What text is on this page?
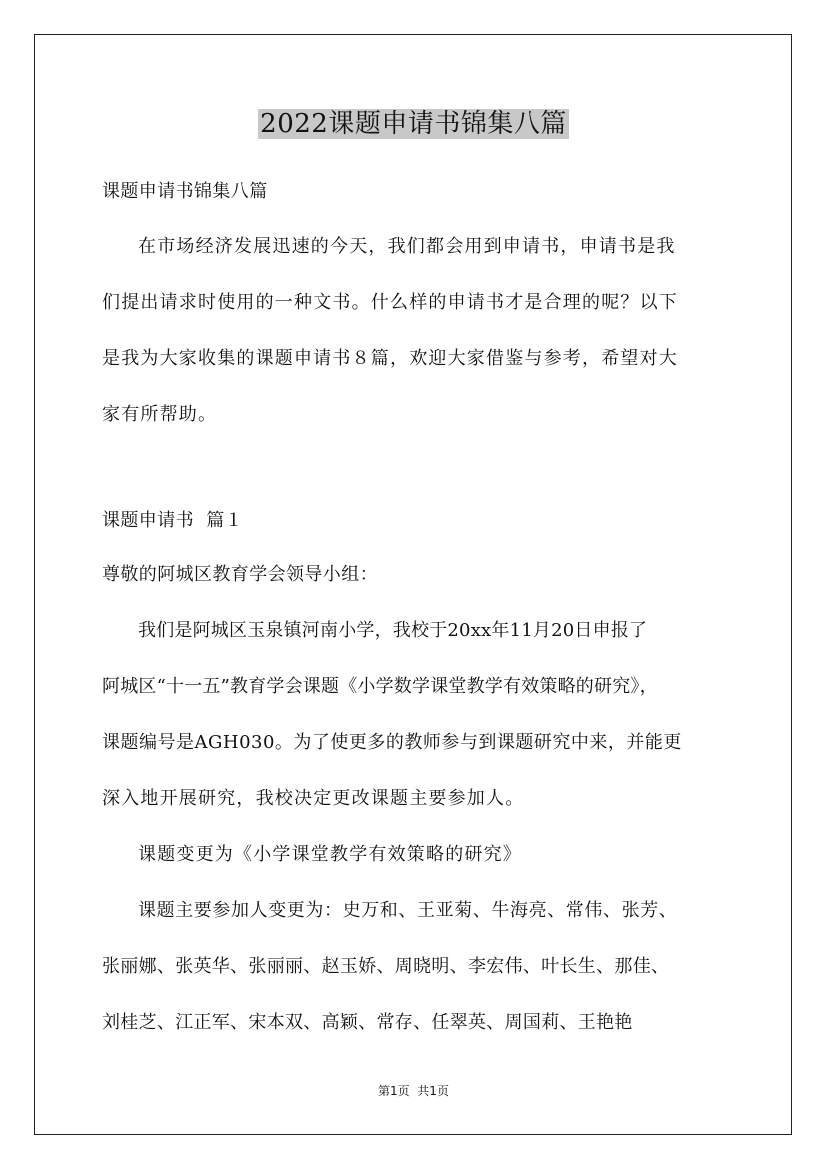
2022课题申请书锦集八篇
课题申请书锦集八篇
在市场经济发展迅速的今天，我们都会用到申请书，申请书是我
们提出请求时使用的一种文书。什么样的申请书才是合理的呢？以下
是我为大家收集的课题申请书８篇，欢迎大家借鉴与参考，希望对大
家有所帮助。
课题申请书  篇１
尊敬的阿城区教育学会领导小组：
我们是阿城区玉泉镇河南小学，我校于20xx年11月20日申报了
阿城区“十一五”教育学会课题《小学数学课堂教学有效策略的研究》，
课题编号是AGH030。为了使更多的教师参与到课题研究中来，并能更
深入地开展研究，我校决定更改课题主要参加人。
课题变更为《小学课堂教学有效策略的研究》
课题主要参加人变更为：史万和、王亚菊、牛海亮、常伟、张芳、
张丽娜、张英华、张丽丽、赵玉娇、周晓明、李宏伟、叶长生、那佳、
刘桂芝、江正军、宋本双、高颖、常存、任翠英、周国莉、王艳艳
第1页  共1页
